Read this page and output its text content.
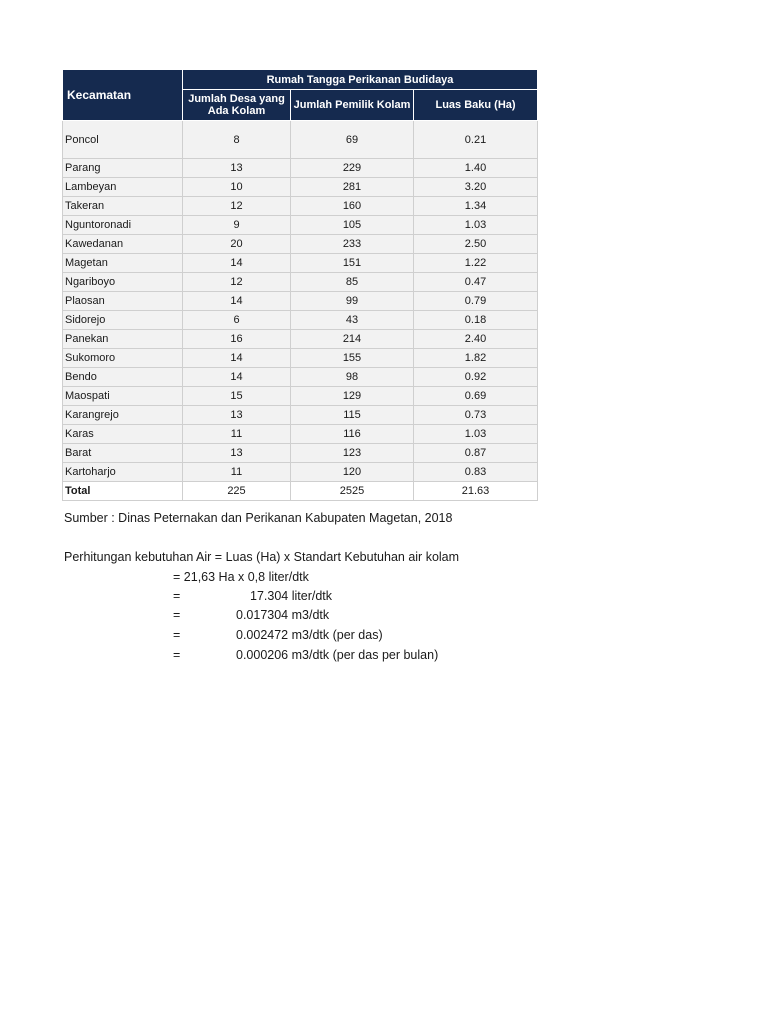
Kecamatan	Rumah Tangga Perikanan Budidaya		
	Jumlah Desa yang Ada Kolam	Jumlah Pemilik Kolam	Luas Baku (Ha)
Poncol	8	69	0.21
Parang	13	229	1.40
Lambeyan	10	281	3.20
Takeran	12	160	1.34
Nguntoronadi	9	105	1.03
Kawedanan	20	233	2.50
Magetan	14	151	1.22
Ngariboyo	12	85	0.47
Plaosan	14	99	0.79
Sidorejo	6	43	0.18
Panekan	16	214	2.40
Sukomoro	14	155	1.82
Bendo	14	98	0.92
Maospati	15	129	0.69
Karangrejo	13	115	0.73
Karas	11	116	1.03
Barat	13	123	0.87
Kartoharjo	11	120	0.83
Total	225	2525	21.63
Sumber : Dinas Peternakan dan Perikanan Kabupaten Magetan, 2018
Perhitungan kebutuhan Air = Luas (Ha) x Standart Kebutuhan air kolam
= 21,63 Ha x 0,8 liter/dtk
=	17.304 liter/dtk
=	0.017304 m3/dtk
=	0.002472 m3/dtk (per das)
=	0.000206 m3/dtk (per das per bulan)
